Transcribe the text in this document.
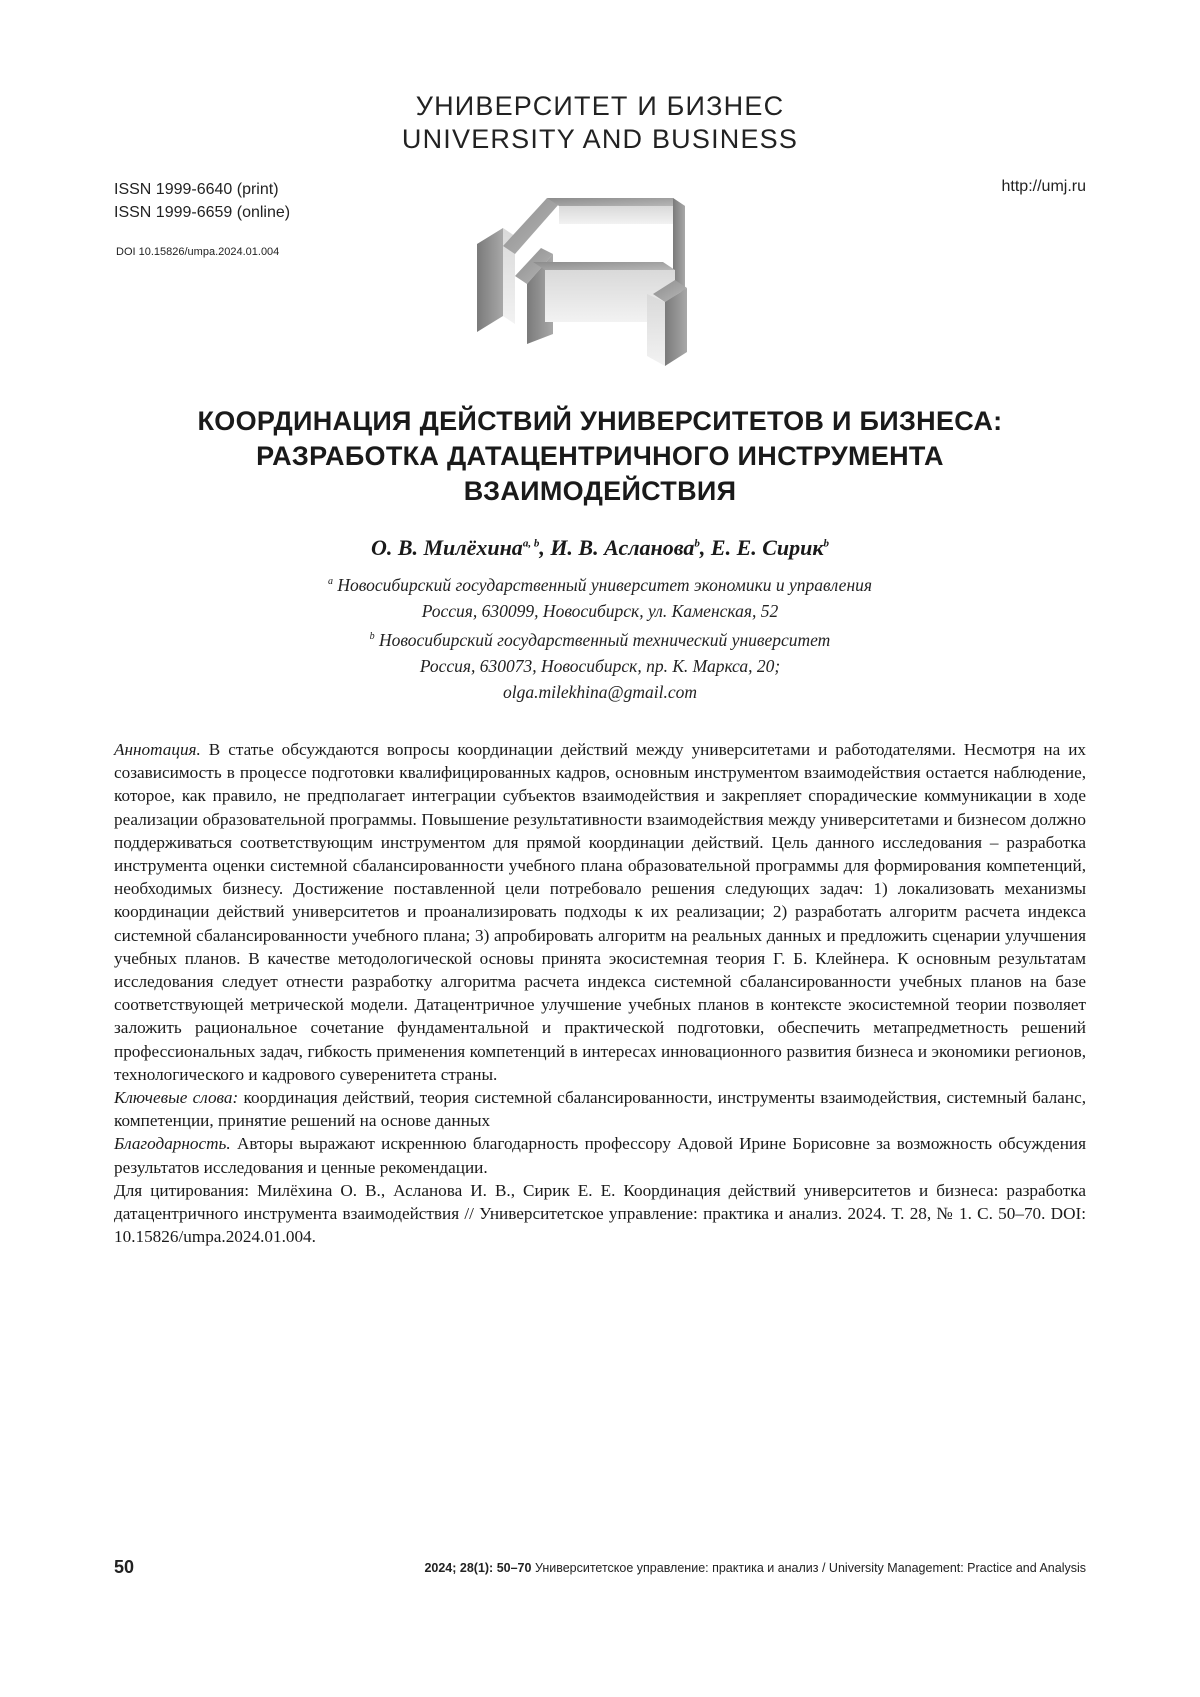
УНИВЕРСИТЕТ И БИЗНЕС
UNIVERSITY AND BUSINESS
ISSN 1999-6640 (print)
ISSN 1999-6659 (online)
DOI 10.15826/umpa.2024.01.004
http://umj.ru
КООРДИНАЦИЯ ДЕЙСТВИЙ УНИВЕРСИТЕТОВ И БИЗНЕСА:
РАЗРАБОТКА ДАТАЦЕНТРИЧНОГО ИНСТРУМЕНТА
ВЗАИМОДЕЙСТВИЯ
О. В. Милёхина$^{a, b}$, И. В. Асланова$^b$, Е. Е. Сирик$^b$
$^a$ Новосибирский государственный университет экономики и управления
Россия, 630099, Новосибирск, ул. Каменская, 52
$^b$ Новосибирский государственный технический университет
Россия, 630073, Новосибирск, пр. К. Маркса, 20;
olga.milekhina@gmail.com

Аннотация. В статье обсуждаются вопросы координации действий между университетами и работодателями. Несмотря на их созависимость в процессе подготовки квалифицированных кадров, основным инструментом взаимодействия остается наблюдение, которое, как правило, не предполагает интеграции субъектов взаимодействия и закрепляет спорадические коммуникации в ходе реализации образовательной программы. Повышение результативности взаимодействия между университетами и бизнесом должно поддерживаться соответствующим инструментом для прямой координации действий. Цель данного исследования – разработка инструмента оценки системной сбалансированности учебного плана образовательной программы для формирования компетенций, необходимых бизнесу. Достижение поставленной цели потребовало решения следующих задач: 1) локализовать механизмы координации действий университетов и проанализировать подходы к их реализации; 2) разработать алгоритм расчета индекса системной сбалансированности учебного плана; 3) апробировать алгоритм на реальных данных и предложить сценарии улучшения учебных планов. В качестве методологической основы принята экосистемная теория Г. Б. Клейнера. К основным результатам исследования следует отнести разработку алгоритма расчета индекса системной сбалансированности учебных планов на базе соответствующей метрической модели. Датацентричное улучшение учебных планов в контексте экосистемной теории позволяет заложить рациональное сочетание фундаментальной и практической подготовки, обеспечить метапредметность решений профессиональных задач, гибкость применения компетенций в интересах инновационного развития бизнеса и экономики регионов, технологического и кадрового суверенитета страны.

Ключевые слова: координация действий, теория системной сбалансированности, инструменты взаимодействия, системный баланс, компетенции, принятие решений на основе данных

Благодарность. Авторы выражают искреннюю благодарность профессору Адовой Ирине Борисовне за возможность обсуждения результатов исследования и ценные рекомендации.

Для цитирования: Милёхина О. В., Асланова И. В., Сирик Е. Е. Координация действий университетов и бизнеса: разработка датацентричного инструмента взаимодействия // Университетское управление: практика и анализ. 2024. Т. 28, № 1. С. 50–70. DOI: 10.15826/umpa.2024.01.004.

50	2024; 28(1): 50–70 Университетское управление: практика и анализ / University Management: Practice and Analysis
